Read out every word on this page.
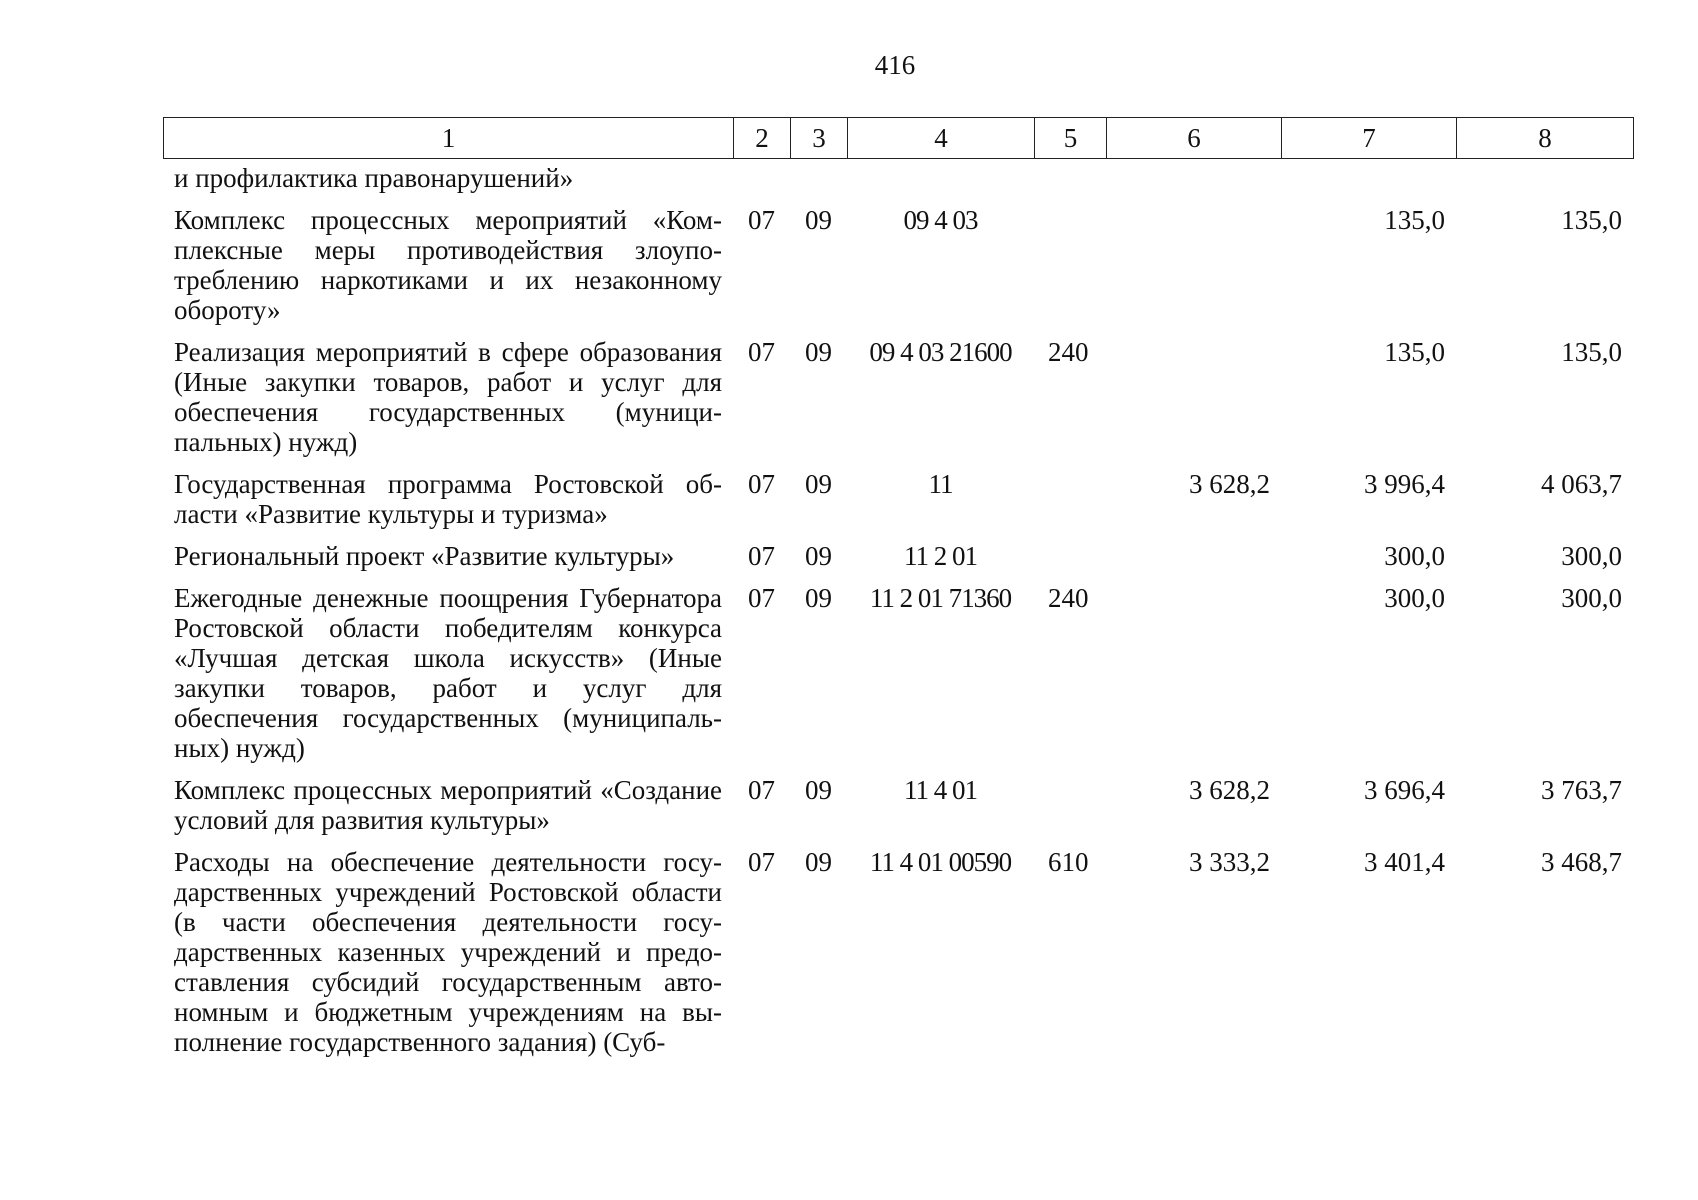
416
1	2	3	4	5	6	7	8
и профилактика правонарушений»							
Комплекс процессных мероприятий «Комплексные меры противодействия злоупотреблению наркотиками и их незаконному обороту»	07	09	09 4 03			135,0	135,0
Реализация мероприятий в сфере образования (Иные закупки товаров, работ и услуг для обеспечения государственных (муниципальных) нужд)	07	09	09 4 03 21600	240		135,0	135,0
Государственная программа Ростовской области «Развитие культуры и туризма»	07	09	11		3 628,2	3 996,4	4 063,7
Региональный проект «Развитие культуры»	07	09	11 2 01			300,0	300,0
Ежегодные денежные поощрения Губернатора Ростовской области победителям конкурса «Лучшая детская школа искусств» (Иные закупки товаров, работ и услуг для обеспечения государственных (муниципальных) нужд)	07	09	11 2 01 71360	240		300,0	300,0
Комплекс процессных мероприятий «Создание условий для развития культуры»	07	09	11 4 01		3 628,2	3 696,4	3 763,7
Расходы на обеспечение деятельности государственных учреждений Ростовской области (в части обеспечения деятельности государственных казенных учреждений и предоставления субсидий государственным автономным и бюджетным учреждениям на выполнение государственного задания) (Суб-	07	09	11 4 01 00590	610	3 333,2	3 401,4	3 468,7
